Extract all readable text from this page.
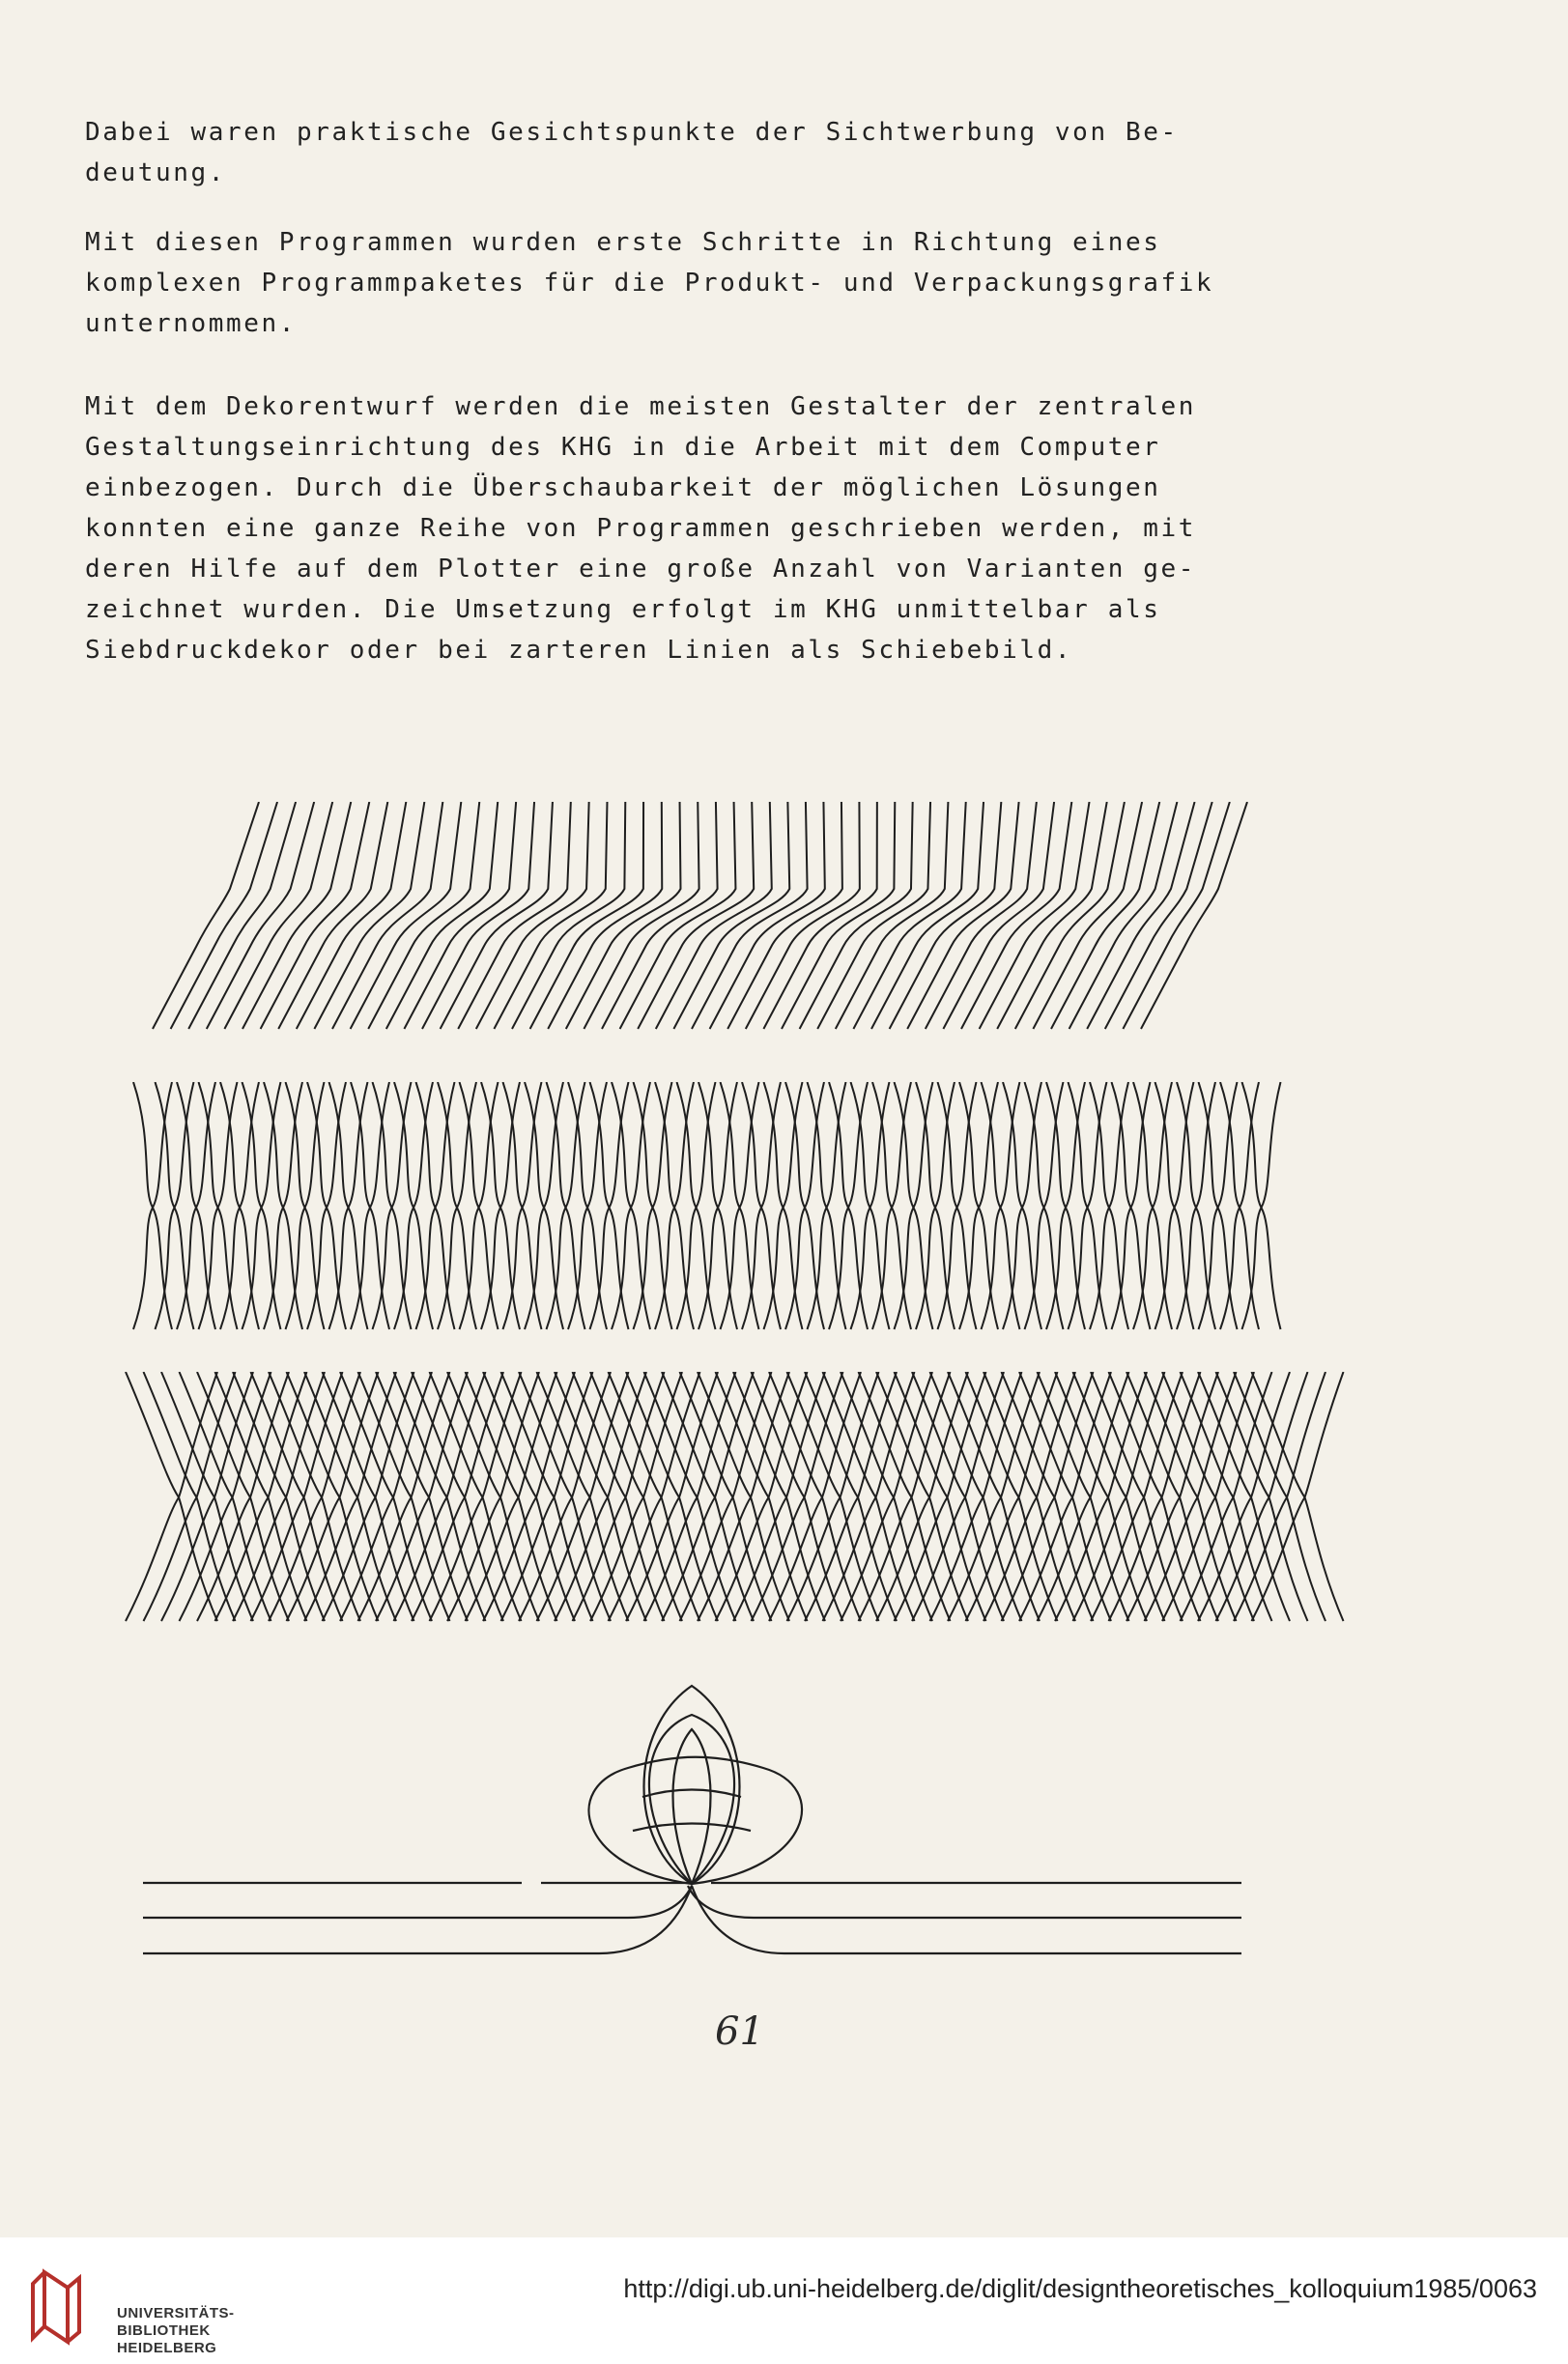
Dabei waren praktische Gesichtspunkte der Sichtwerbung von Be-
deutung.

Mit diesen Programmen wurden erste Schritte in Richtung eines
komplexen Programmpaketes für die Produkt- und Verpackungsgrafik
unternommen.

Mit dem Dekorentwurf werden die meisten Gestalter der zentralen
Gestaltungseinrichtung des KHG in die Arbeit mit dem Computer
einbezogen. Durch die Überschaubarkeit der möglichen Lösungen
konnten eine ganze Reihe von Programmen geschrieben werden, mit
deren Hilfe auf dem Plotter eine große Anzahl von Varianten ge-
zeichnet wurden. Die Umsetzung erfolgt im KHG unmittelbar als
Siebdruckdekor oder bei zarteren Linien als Schiebebild.

61
UNIVERSITÄTS-
BIBLIOTHEK
HEIDELBERG
http://digi.ub.uni-heidelberg.de/diglit/designtheoretisches_kolloquium1985/0063
